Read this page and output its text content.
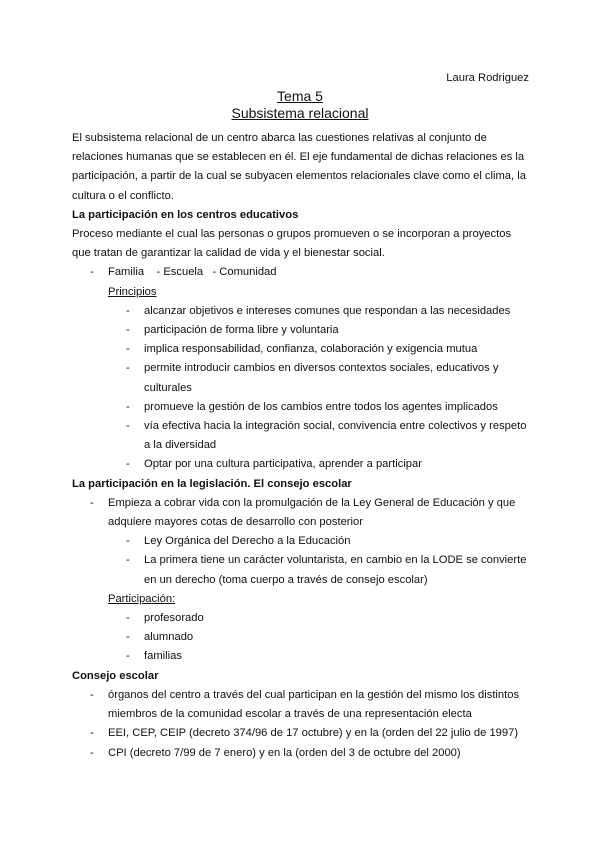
Laura Rodriguez
Tema 5
Subsistema relacional

El subsistema relacional de un centro abarca las cuestiones relativas al conjunto de relaciones humanas que se establecen en él. El eje fundamental de dichas relaciones es la participación, a partir de la cual se subyacen elementos relacionales clave como el clima, la cultura o el conflicto.

La participación en los centros educativos

Proceso mediante el cual las personas o grupos promueven o se incorporan a proyectos que tratan de garantizar la calidad de vida y el bienestar social.

- Familia    - Escuela   - Comunidad
Principios
- alcanzar objetivos e intereses comunes que respondan a las necesidades
- participación de forma libre y voluntaria
- implica responsabilidad, confianza, colaboración y exigencia mutua
- permite introducir cambios en diversos contextos sociales, educativos y culturales
- promueve la gestión de los cambios entre todos los agentes implicados
- vía efectiva hacia la integración social, convivencia entre colectivos y respeto a la diversidad
- Optar por una cultura participativa, aprender a participar

La participación en la legislación. El consejo escolar

- Empieza a cobrar vida con la promulgación de la Ley General de Educación y que adquiere mayores cotas de desarrollo con posterior
- Ley Orgánica del Derecho a la Educación
- La primera tiene un carácter voluntarista, en cambio en la LODE se convierte en un derecho (toma cuerpo a través de consejo escolar)
Participación:
- profesorado
- alumnado
- familias

Consejo escolar

- órganos del centro a través del cual participan en la gestión del mismo los distintos miembros de la comunidad escolar a través de una representación electa
- EEI, CEP, CEIP (decreto 374/96 de 17 octubre) y en la (orden del 22 julio de 1997)
- CPI (decreto 7/99 de 7 enero) y en la (orden del 3 de octubre del 2000)
